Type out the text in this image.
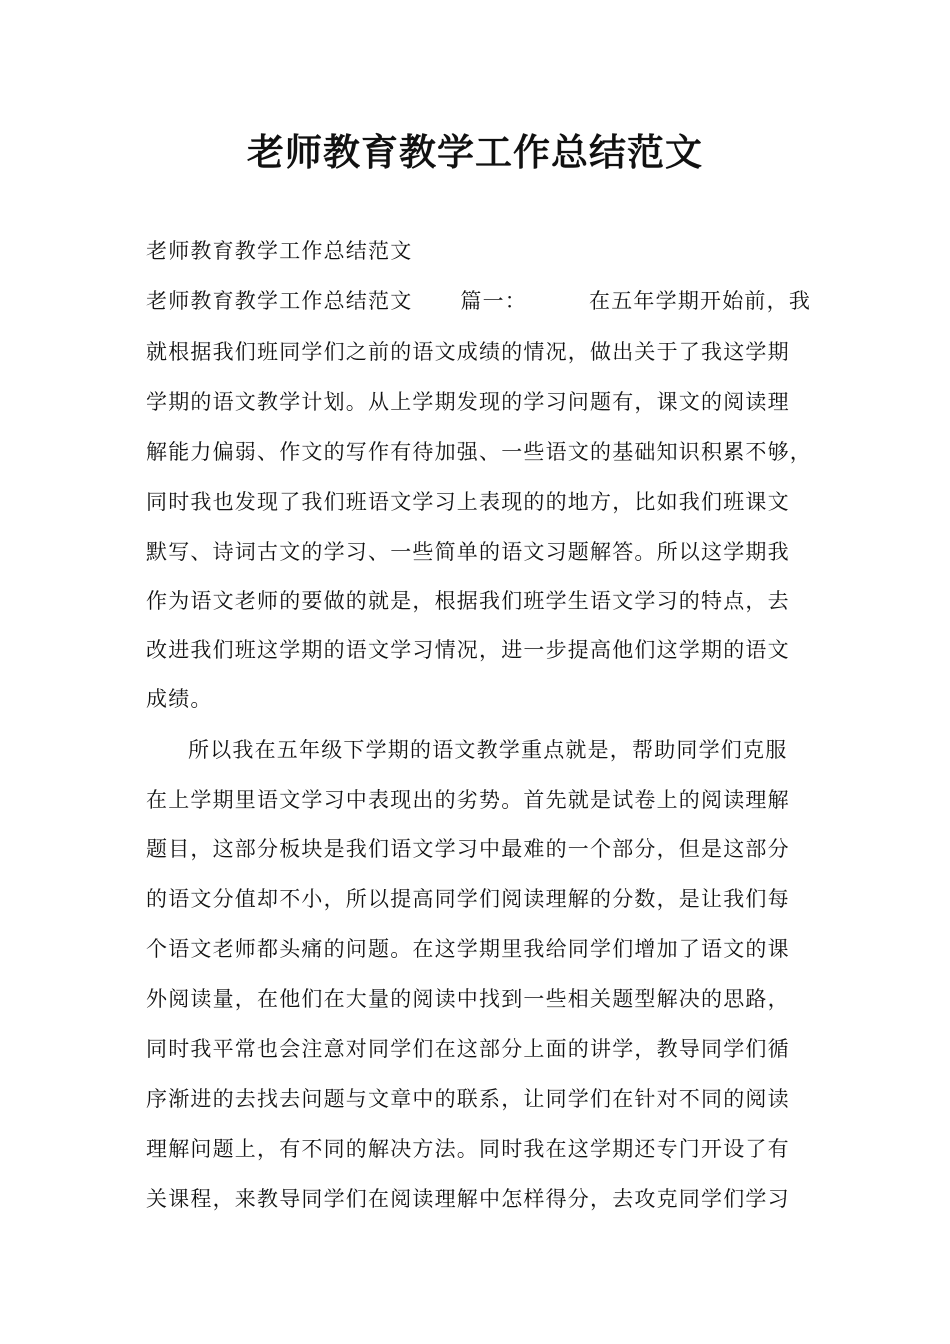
老师教育教学工作总结范文
老师教育教学工作总结范文
老师教育教学工作总结范文 篇一：	在五年学期开始前，我
就根据我们班同学们之前的语文成绩的情况，做出关于了我这学期
学期的语文教学计划。从上学期发现的学习问题有，课文的阅读理
解能力偏弱、作文的写作有待加强、一些语文的基础知识积累不够，
同时我也发现了我们班语文学习上表现的的地方，比如我们班课文
默写、诗词古文的学习、一些简单的语文习题解答。所以这学期我
作为语文老师的要做的就是，根据我们班学生语文学习的特点，去
改进我们班这学期的语文学习情况，进一步提高他们这学期的语文
成绩。
所以我在五年级下学期的语文教学重点就是，帮助同学们克服
在上学期里语文学习中表现出的劣势。首先就是试卷上的阅读理解
题目，这部分板块是我们语文学习中最难的一个部分，但是这部分
的语文分值却不小，所以提高同学们阅读理解的分数，是让我们每
个语文老师都头痛的问题。在这学期里我给同学们增加了语文的课
外阅读量，在他们在大量的阅读中找到一些相关题型解决的思路，
同时我平常也会注意对同学们在这部分上面的讲学，教导同学们循
序渐进的去找去问题与文章中的联系，让同学们在针对不同的阅读
理解问题上，有不同的解决方法。同时我在这学期还专门开设了有
关课程，来教导同学们在阅读理解中怎样得分，去攻克同学们学习
